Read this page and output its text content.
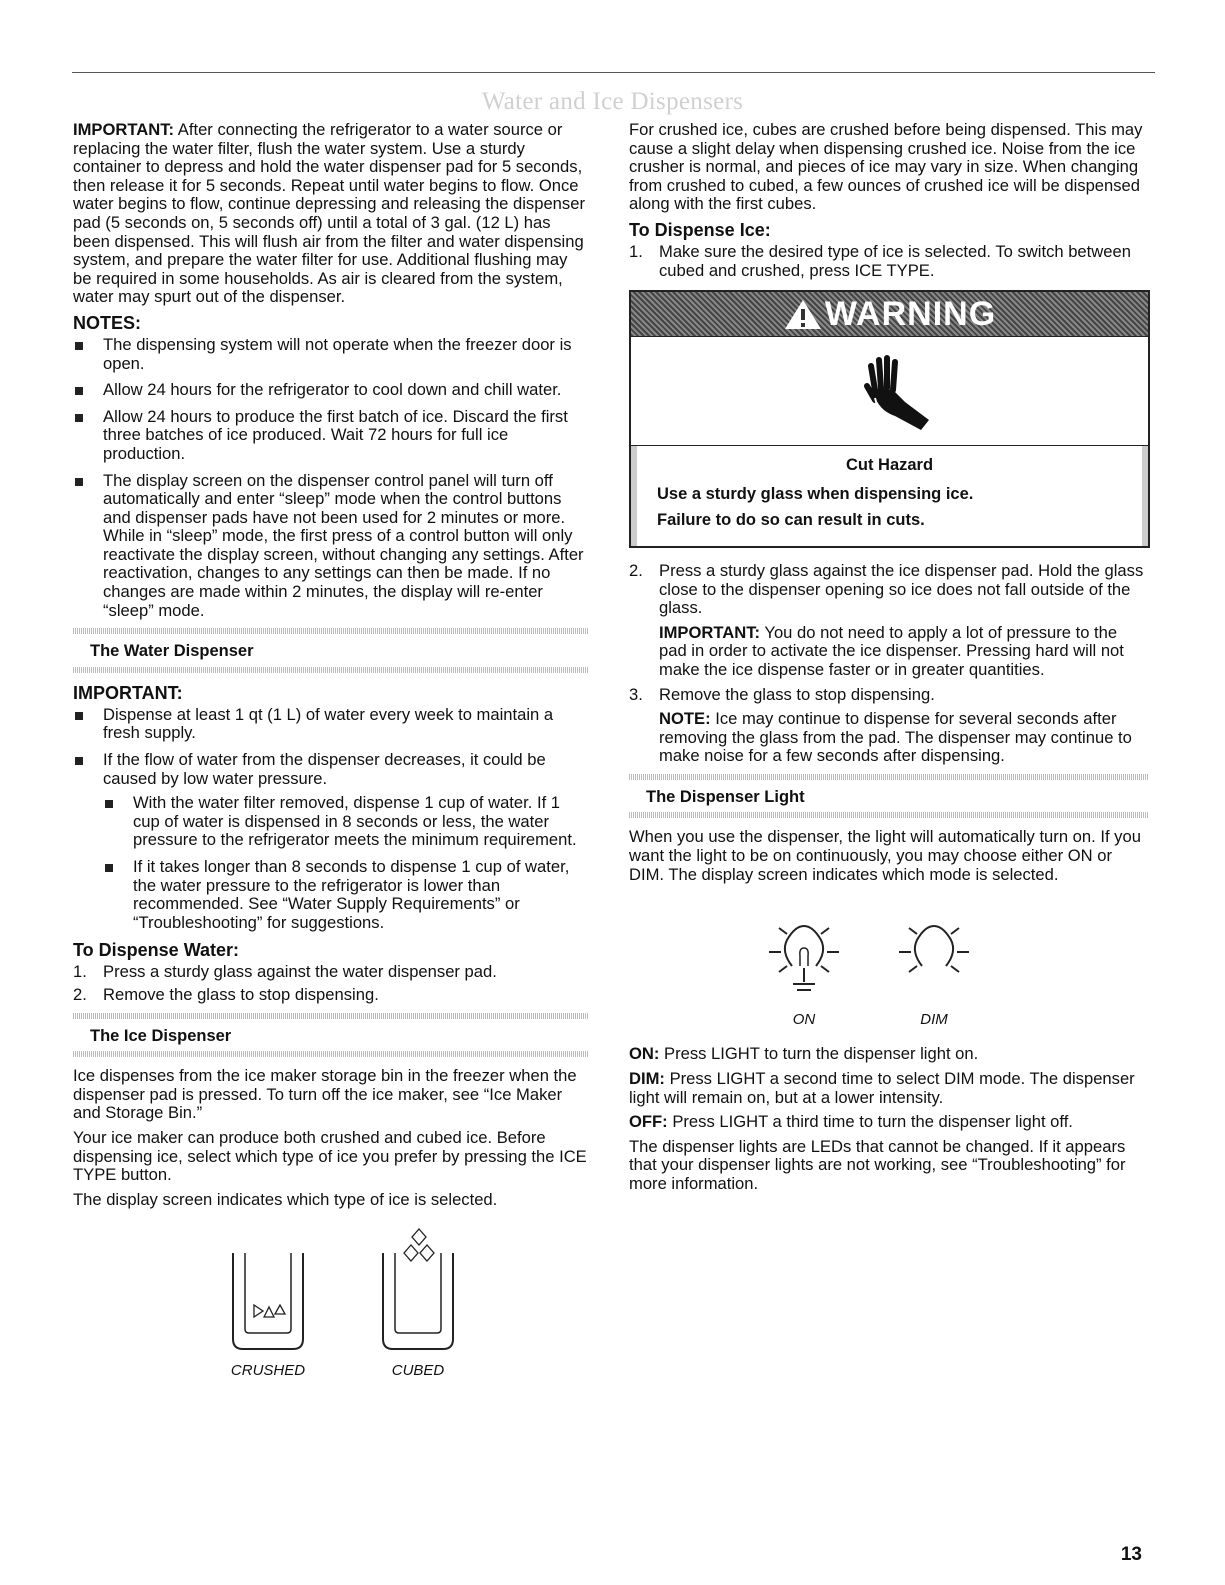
Water and Ice Dispensers

IMPORTANT: After connecting the refrigerator to a water source or replacing the water filter, flush the water system. Use a sturdy container to depress and hold the water dispenser pad for 5 seconds, then release it for 5 seconds. Repeat until water begins to flow. Once water begins to flow, continue depressing and releasing the dispenser pad (5 seconds on, 5 seconds off) until a total of 3 gal. (12 L) has been dispensed. This will flush air from the filter and water dispensing system, and prepare the water filter for use. Additional flushing may be required in some households. As air is cleared from the system, water may spurt out of the dispenser.

NOTES:
The dispensing system will not operate when the freezer door is open.
Allow 24 hours for the refrigerator to cool down and chill water.
Allow 24 hours to produce the first batch of ice. Discard the first three batches of ice produced. Wait 72 hours for full ice production.
The display screen on the dispenser control panel will turn off automatically and enter “sleep” mode when the control buttons and dispenser pads have not been used for 2 minutes or more. While in “sleep” mode, the first press of a control button will only reactivate the display screen, without changing any settings. After reactivation, changes to any settings can then be made. If no changes are made within 2 minutes, the display will re-enter “sleep” mode.
The Water Dispenser
IMPORTANT:
Dispense at least 1 qt (1 L) of water every week to maintain a fresh supply.
If the flow of water from the dispenser decreases, it could be caused by low water pressure.
With the water filter removed, dispense 1 cup of water. If 1 cup of water is dispensed in 8 seconds or less, the water pressure to the refrigerator meets the minimum requirement.
If it takes longer than 8 seconds to dispense 1 cup of water, the water pressure to the refrigerator is lower than recommended. See “Water Supply Requirements” or “Troubleshooting” for suggestions.
To Dispense Water:
1. Press a sturdy glass against the water dispenser pad.
2. Remove the glass to stop dispensing.
The Ice Dispenser

Ice dispenses from the ice maker storage bin in the freezer when the dispenser pad is pressed. To turn off the ice maker, see “Ice Maker and Storage Bin.”

Your ice maker can produce both crushed and cubed ice. Before dispensing ice, select which type of ice you prefer by pressing the ICE TYPE button.

The display screen indicates which type of ice is selected.

CRUSHED	CUBED

For crushed ice, cubes are crushed before being dispensed. This may cause a slight delay when dispensing crushed ice. Noise from the ice crusher is normal, and pieces of ice may vary in size. When changing from crushed to cubed, a few ounces of crushed ice will be dispensed along with the first cubes.

To Dispense Ice:
1. Make sure the desired type of ice is selected. To switch between cubed and crushed, press ICE TYPE.
WARNING
Cut Hazard
Use a sturdy glass when dispensing ice.
Failure to do so can result in cuts.
2. Press a sturdy glass against the ice dispenser pad. Hold the glass close to the dispenser opening so ice does not fall outside of the glass.

IMPORTANT: You do not need to apply a lot of pressure to the pad in order to activate the ice dispenser. Pressing hard will not make the ice dispense faster or in greater quantities.

3. Remove the glass to stop dispensing.

NOTE: Ice may continue to dispense for several seconds after removing the glass from the pad. The dispenser may continue to make noise for a few seconds after dispensing.

The Dispenser Light

When you use the dispenser, the light will automatically turn on. If you want the light to be on continuously, you may choose either ON or DIM. The display screen indicates which mode is selected.

ON	DIM

ON: Press LIGHT to turn the dispenser light on.

DIM: Press LIGHT a second time to select DIM mode. The dispenser light will remain on, but at a lower intensity.

OFF: Press LIGHT a third time to turn the dispenser light off.

The dispenser lights are LEDs that cannot be changed. If it appears that your dispenser lights are not working, see “Troubleshooting” for more information.

13
